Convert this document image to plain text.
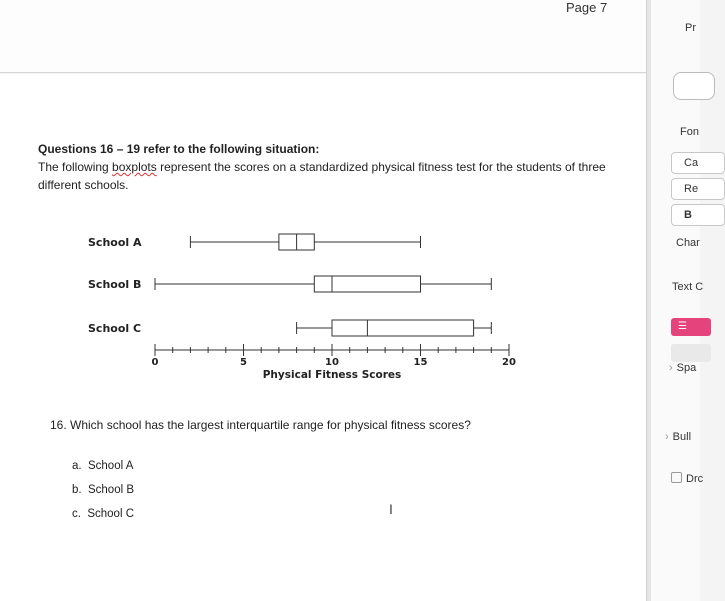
Page 7
Questions 16 – 19 refer to the following situation:
The following boxplots represent the scores on a standardized physical fitness test for the students of three different schools.
School A
School B
School C
0	5	10	15	20
Physical Fitness Scores
16. Which school has the largest interquartile range for physical fitness scores?
a. School A
b. School B
c. School C	I
Pr
Fon
Ca
Re
B
Char
Text C
☰
› Spa
› Bull
Drc
